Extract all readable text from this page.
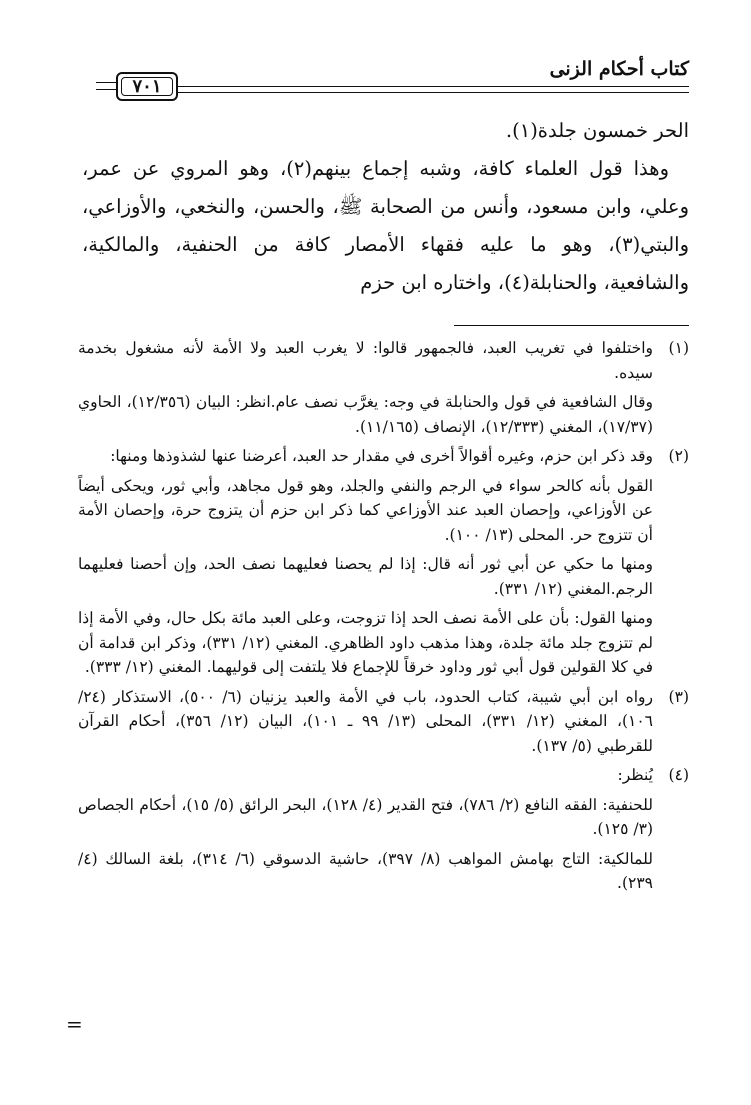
كتاب أحكام الزنى
٧٠١

الحر خمسون جلدة(١).

وهذا قول العلماء كافة، وشبه إجماع بينهم(٢)، وهو المروي عن عمر، وعلي، وابن مسعود، وأنس من الصحابة ﷺ، والحسن، والنخعي، والأوزاعي، والبتي(٣)، وهو ما عليه فقهاء الأمصار كافة من الحنفية، والمالكية، والشافعية، والحنابلة(٤)، واختاره ابن حزم

(١)

واختلفوا في تغريب العبد، فالجمهور قالوا: لا يغرب العبد ولا الأمة لأنه مشغول بخدمة سيده.

وقال الشافعية في قول والحنابلة في وجه: يغرَّب نصف عام.انظر: البيان (١٢/٣٥٦)، الحاوي (١٧/٣٧)، المغني (١٢/٣٣٣)، الإنصاف (١١/١٦٥).

(٢)

وقد ذكر ابن حزم، وغيره أقوالاً أخرى في مقدار حد العبد، أعرضنا عنها لشذوذها ومنها:

القول بأنه كالحر سواء في الرجم والنفي والجلد، وهو قول مجاهد، وأبي ثور، ويحكى أيضاً عن الأوزاعي، وإحصان العبد عند الأوزاعي كما ذكر ابن حزم أن يتزوج حرة، وإحصان الأمة أن تتزوج حر. المحلى (١٣/ ١٠٠).

ومنها ما حكي عن أبي ثور أنه قال: إذا لم يحصنا فعليهما نصف الحد، وإن أحصنا فعليهما الرجم.المغني (١٢/ ٣٣١).

ومنها القول: بأن على الأمة نصف الحد إذا تزوجت، وعلى العبد مائة بكل حال، وفي الأمة إذا لم تتزوج جلد مائة جلدة، وهذا مذهب داود الظاهري. المغني (١٢/ ٣٣١)، وذكر ابن قدامة أن في كلا القولين قول أبي ثور وداود خرقاً للإجماع فلا يلتفت إلى قوليهما. المغني (١٢/ ٣٣٣).

(٣)

رواه ابن أبي شيبة، كتاب الحدود، باب في الأمة والعبد يزنيان (٦/ ٥٠٠)، الاستذكار (٢٤/ ١٠٦)، المغني (١٢/ ٣٣١)، المحلى (١٣/ ٩٩ ـ ١٠١)، البيان (١٢/ ٣٥٦)، أحكام القرآن للقرطبي (٥/ ١٣٧).

(٤)

يُنظر:

للحنفية: الفقه النافع (٢/ ٧٨٦)، فتح القدير (٤/ ١٢٨)، البحر الرائق (٥/ ١٥)، أحكام الجصاص (٣/ ١٢٥).

للمالكية: التاج بهامش المواهب (٨/ ٣٩٧)، حاشية الدسوقي (٦/ ٣١٤)، بلغة السالك (٤/ ٢٣٩).

=
